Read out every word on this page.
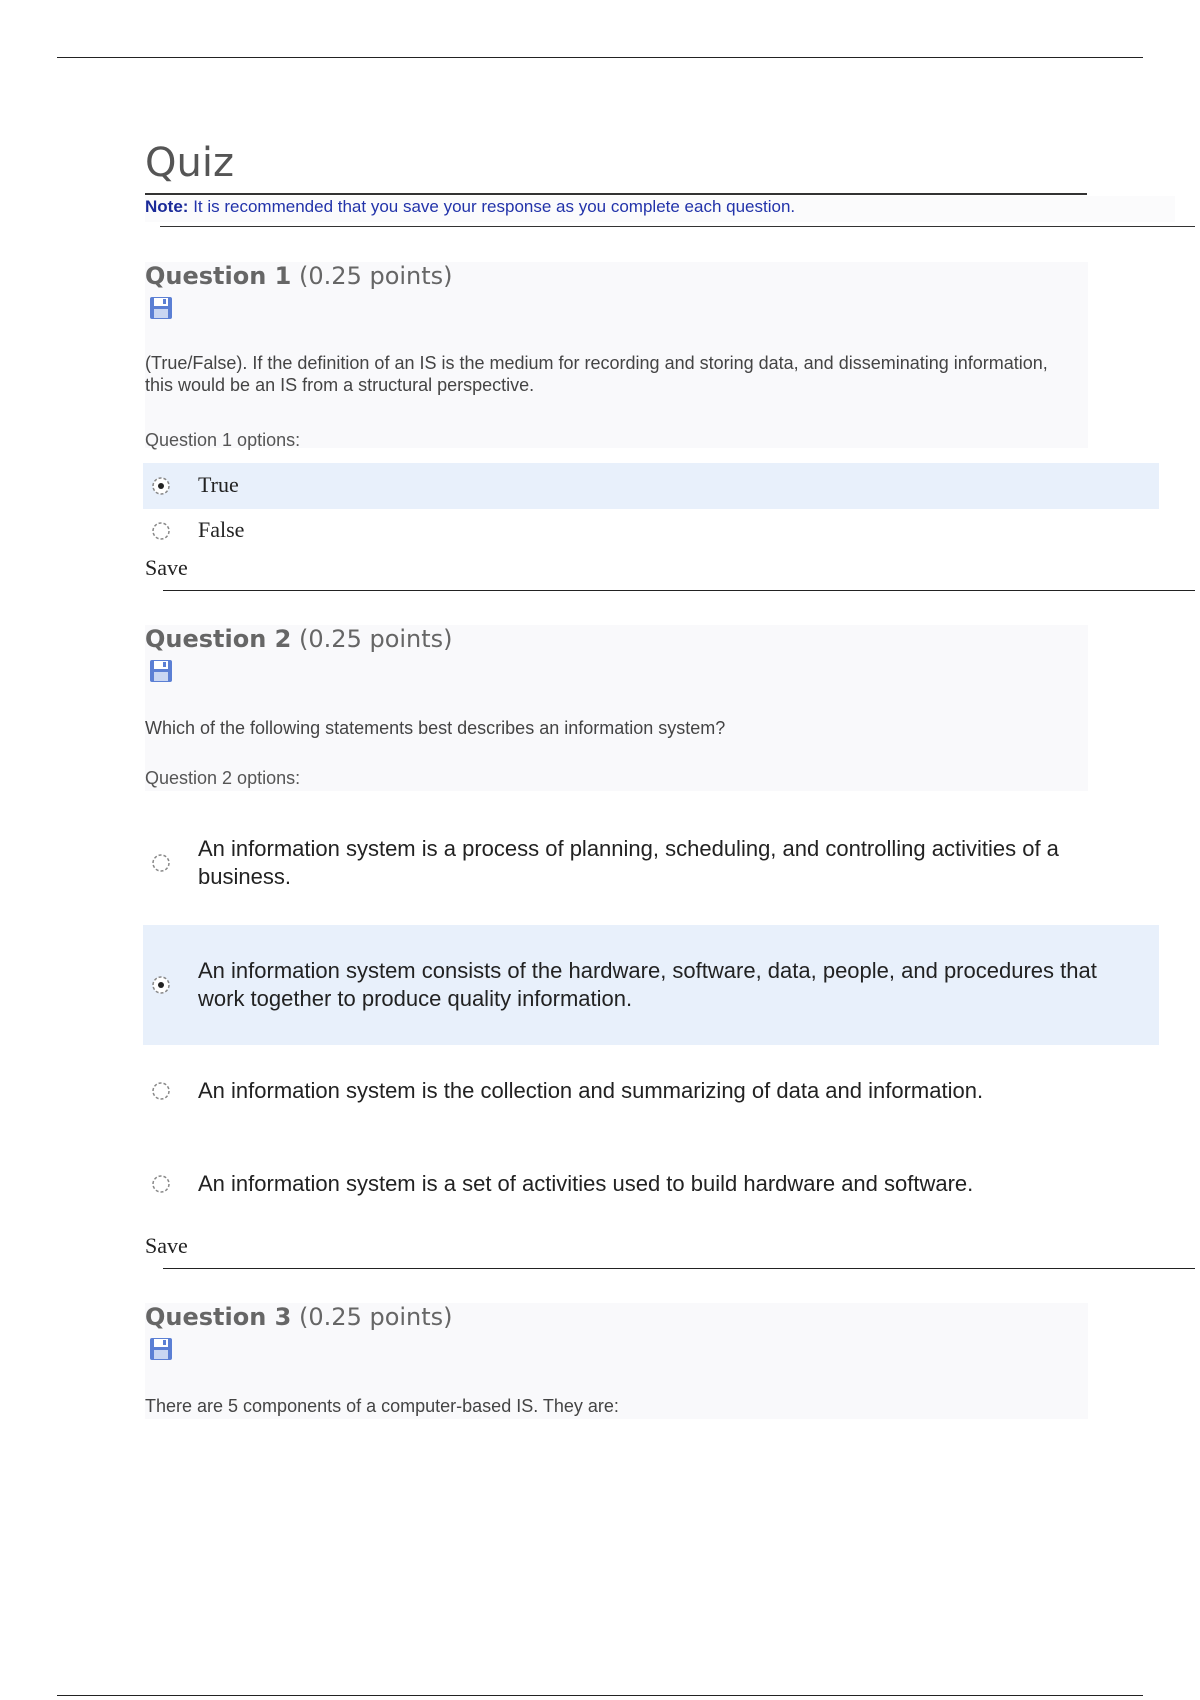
Quiz
Note: It is recommended that you save your response as you complete each question.
Question 1 (0.25 points)
(True/False). If the definition of an IS is the medium for recording and storing data, and disseminating information, this would be an IS from a structural perspective.
Question 1 options:
True
False
Save
Question 2 (0.25 points)
Which of the following statements best describes an information system?
Question 2 options:
An information system is a process of planning, scheduling, and controlling activities of a business.
An information system consists of the hardware, software, data, people, and procedures that work together to produce quality information.
An information system is the collection and summarizing of data and information.
An information system is a set of activities used to build hardware and software.
Save
Question 3 (0.25 points)
There are 5 components of a computer-based IS. They are:
